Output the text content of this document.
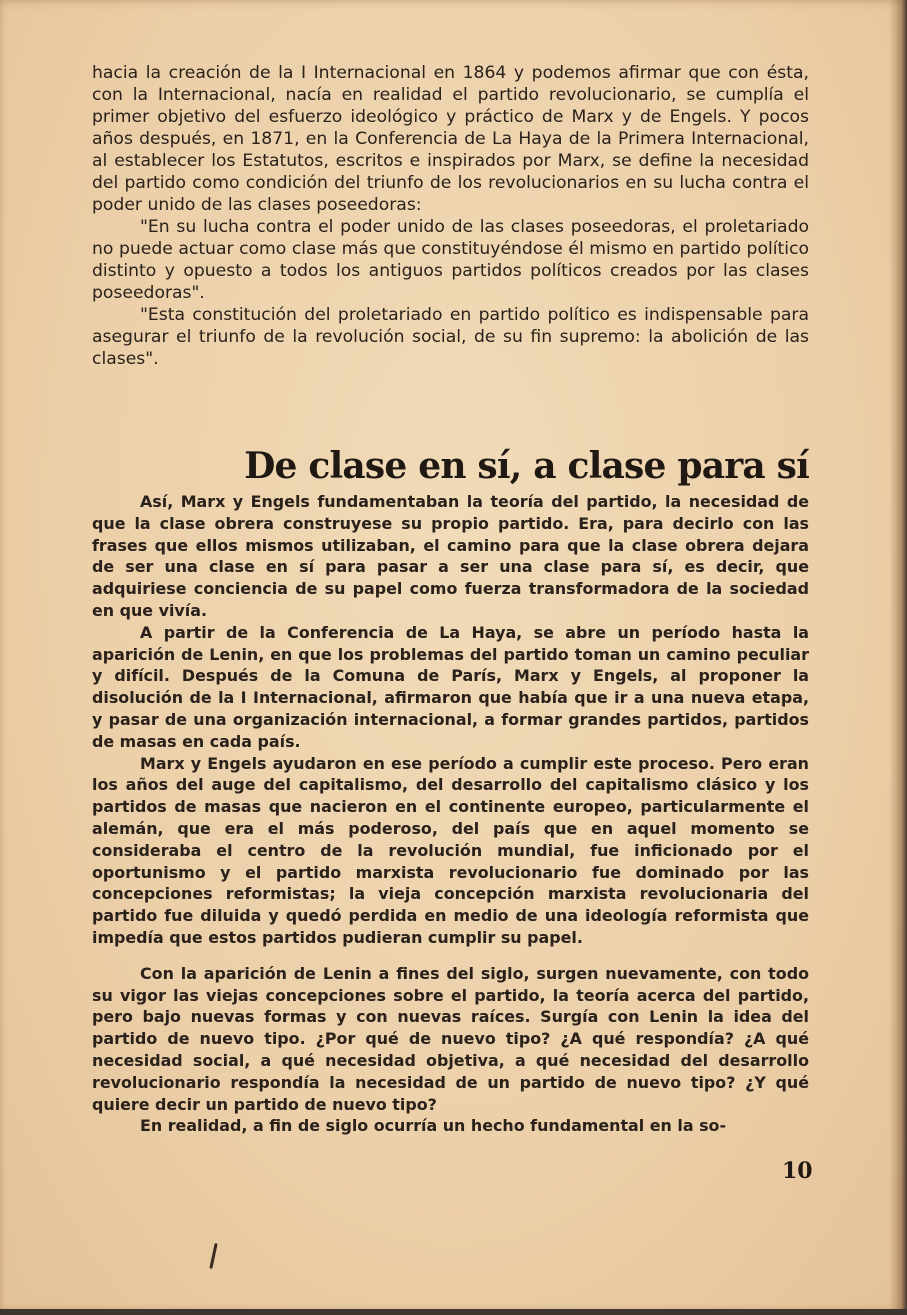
hacia la creación de la I Internacional en 1864 y podemos afirmar que con ésta, con la Internacional, nacía en realidad el partido revolucionario, se cumplía el primer objetivo del esfuerzo ideológico y práctico de Marx y de Engels. Y pocos años después, en 1871, en la Conferencia de La Haya de la Primera Internacional, al establecer los Estatutos, escritos e inspirados por Marx, se define la necesidad del partido como condición del triunfo de los revolucionarios en su lucha contra el poder unido de las clases poseedoras:

"En su lucha contra el poder unido de las clases poseedoras, el proletariado no puede actuar como clase más que constituyéndose él mismo en partido político distinto y opuesto a todos los antiguos partidos políticos creados por las clases poseedoras".

"Esta constitución del proletariado en partido político es indispensable para asegurar el triunfo de la revolución social, de su fin supremo: la abolición de las clases".

De clase en sí, a clase para sí

Así, Marx y Engels fundamentaban la teoría del partido, la necesidad de que la clase obrera construyese su propio partido. Era, para decirlo con las frases que ellos mismos utilizaban, el camino para que la clase obrera dejara de ser una clase en sí para pasar a ser una clase para sí, es decir, que adquiriese conciencia de su papel como fuerza transformadora de la sociedad en que vivía.

A partir de la Conferencia de La Haya, se abre un período hasta la aparición de Lenin, en que los problemas del partido toman un camino peculiar y difícil. Después de la Comuna de París, Marx y Engels, al proponer la disolución de la I Internacional, afirmaron que había que ir a una nueva etapa, y pasar de una organización internacional, a formar grandes partidos, partidos de masas en cada país.

Marx y Engels ayudaron en ese período a cumplir este proceso. Pero eran los años del auge del capitalismo, del desarrollo del capitalismo clásico y los partidos de masas que nacieron en el continente europeo, particularmente el alemán, que era el más poderoso, del país que en aquel momento se consideraba el centro de la revolución mundial, fue inficionado por el oportunismo y el partido marxista revolucionario fue dominado por las concepciones reformistas; la vieja concepción marxista revolucionaria del partido fue diluida y quedó perdida en medio de una ideología reformista que impedía que estos partidos pudieran cumplir su papel.

Con la aparición de Lenin a fines del siglo, surgen nuevamente, con todo su vigor las viejas concepciones sobre el partido, la teoría acerca del partido, pero bajo nuevas formas y con nuevas raíces. Surgía con Lenin la idea del partido de nuevo tipo. ¿Por qué de nuevo tipo? ¿A qué respondía? ¿A qué necesidad social, a qué necesidad objetiva, a qué necesidad del desarrollo revolucionario respondía la necesidad de un partido de nuevo tipo? ¿Y qué quiere decir un partido de nuevo tipo?

En realidad, a fin de siglo ocurría un hecho fundamental en la so-

10
